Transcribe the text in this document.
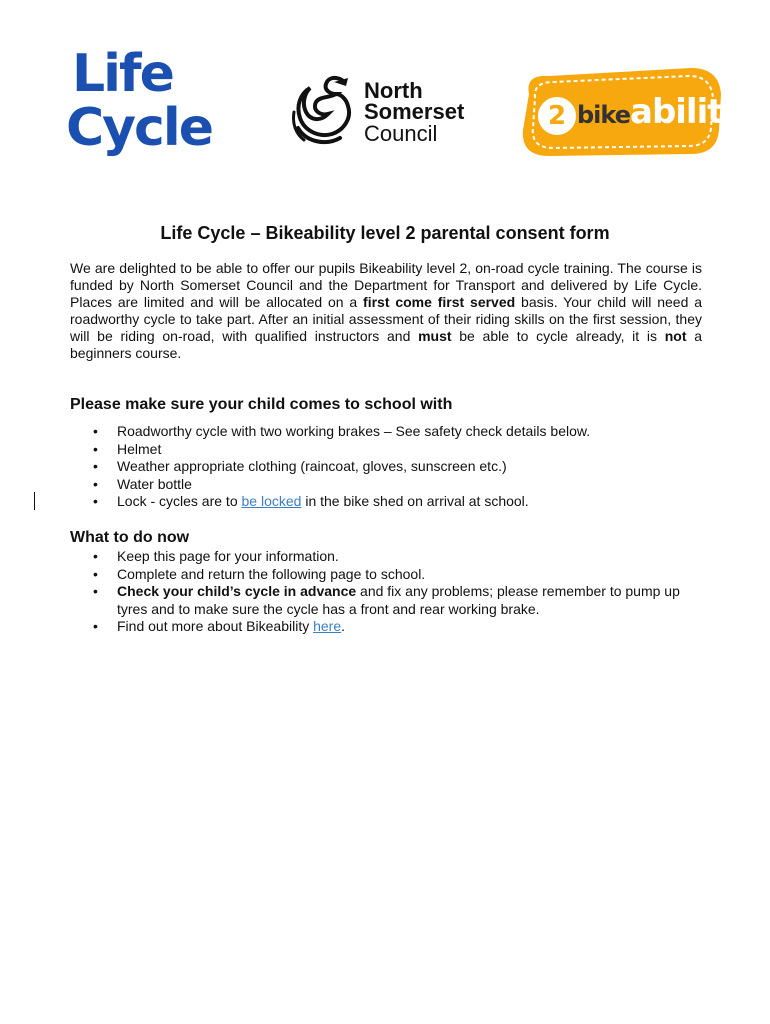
Life
Cycle
North
Somerset
Council
2 bikeability
Life Cycle – Bikeability level 2 parental consent form

We are delighted to be able to offer our pupils Bikeability level 2, on-road cycle training. The course is funded by North Somerset Council and the Department for Transport and delivered by Life Cycle. Places are limited and will be allocated on a first come first served basis. Your child will need a roadworthy cycle to take part. After an initial assessment of their riding skills on the first session, they will be riding on-road, with qualified instructors and must be able to cycle already, it is not a beginners course.

Please make sure your child comes to school with
• Roadworthy cycle with two working brakes – See safety check details below.
• Helmet
• Weather appropriate clothing (raincoat, gloves, sunscreen etc.)
• Water bottle
• Lock - cycles are to be locked in the bike shed on arrival at school.
What to do now
• Keep this page for your information.
• Complete and return the following page to school.
• Check your child’s cycle in advance and fix any problems; please remember to pump up tyres and to make sure the cycle has a front and rear working brake.
• Find out more about Bikeability here.
